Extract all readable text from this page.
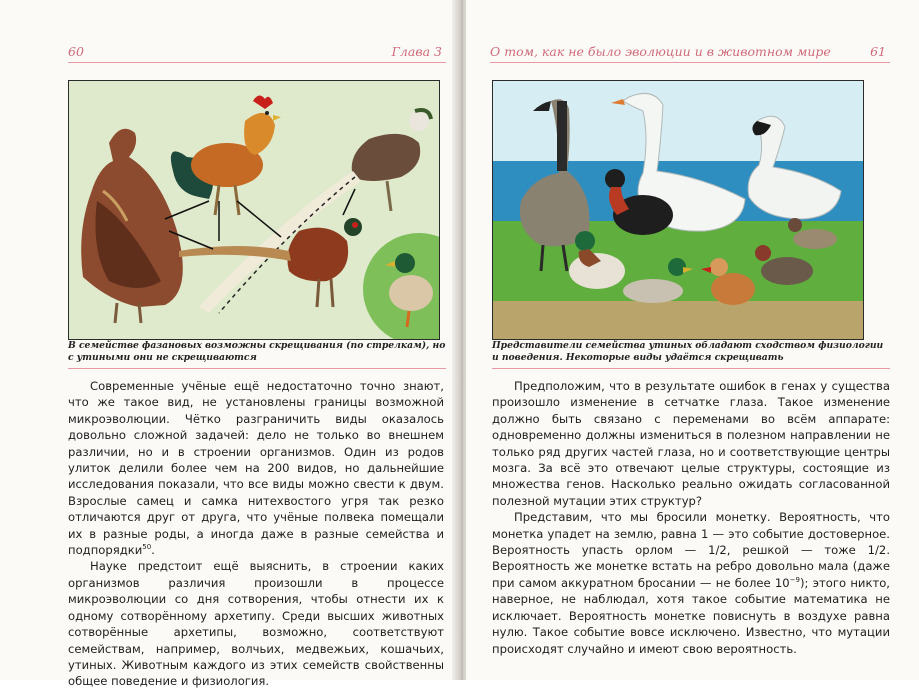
60	Глава 3
В семействе фазановых возможны скрещивания (по стрелкам), но с утиными они не скрещиваются

Современные учёные ещё недостаточно точно знают, что же такое вид, не установлены границы возможной микроэволюции. Чётко разграничить виды оказалось довольно сложной задачей: дело не только во внешнем различии, но и в строении организмов. Один из родов улиток делили более чем на 200 видов, но дальнейшие исследования показали, что все виды можно свести к двум. Взрослые самец и самка нитехвостого угря так резко отличаются друг от друга, что учёные полвека помещали их в разные роды, а иногда даже в разные семейства и подпорядки$^{50}$.

Науке предстоит ещё выяснить, в строении каких организмов различия произошли в процессе микроэволюции со дня сотворения, чтобы отнести их к одному сотворённому архетипу. Среди высших животных сотворённые архетипы, возможно, соответствуют семействам, например, волчьих, медвежьих, кошачьих, утиных. Животным каждого из этих семейств свойственны общее поведение и физиология.

О том, как не было эволюции и в животном мире	61
Представители семейства утиных обладают сходством физиологии и поведения. Некоторые виды удаётся скрещивать

Предположим, что в результате ошибок в генах у существа произошло изменение в сетчатке глаза. Такое изменение должно быть связано с переменами во всём аппарате: одновременно должны измениться в полезном направлении не только ряд других частей глаза, но и соответствующие центры мозга. За всё это отвечают целые структуры, состоящие из множества генов. Насколько реально ожидать согласованной полезной мутации этих структур?

Представим, что мы бросили монетку. Вероятность, что монетка упадет на землю, равна 1 — это событие достоверное. Вероятность упасть орлом — 1/2, решкой — тоже 1/2. Вероятность же монетке встать на ребро довольно мала (даже при самом аккуратном бросании — не более $10^{-9}$); этого никто, наверное, не наблюдал, хотя такое событие математика не исключает. Вероятность монетке повиснуть в воздухе равна нулю. Такое событие вовсе исключено. Известно, что мутации происходят случайно и имеют свою вероятность.
